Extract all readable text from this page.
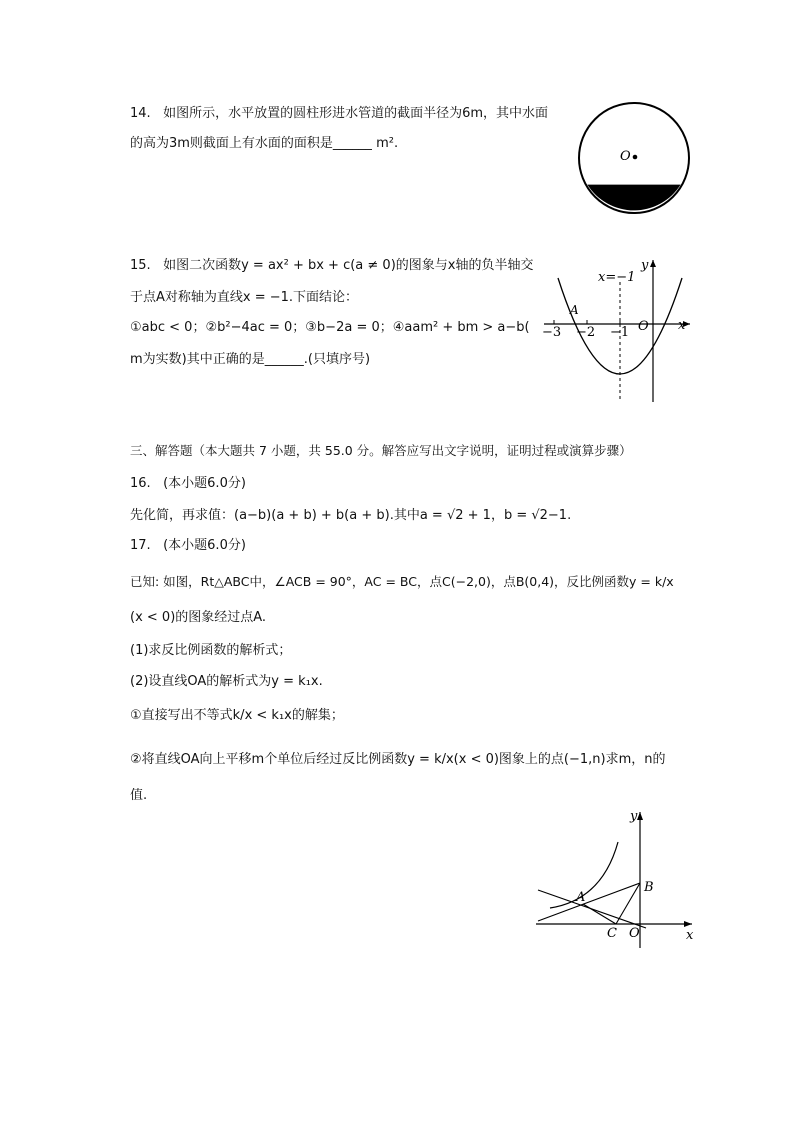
14. 如图所示，水平放置的圆柱形进水管道的截面半径为6m，其中水面
的高为3m则截面上有水面的面积是______ m².
O
15. 如图二次函数y = ax² + bx + c(a ≠ 0)的图象与x轴的负半轴交
于点A对称轴为直线x = −1.下面结论：
①abc < 0；②b²−4ac = 0；③b−2a = 0；④aam² + bm > a−b(
m为实数)其中正确的是______.(只填序号)
x=−1
y
x
A
O
−3 −2 −1
三、解答题（本大题共 7 小题，共 55.0 分。解答应写出文字说明，证明过程或演算步骤）
16. (本小题6.0分)
先化简，再求值：(a−b)(a + b) + b(a + b).其中a = √2 + 1，b = √2−1.
17. (本小题6.0分)
已知: 如图，Rt△ABC中，∠ACB = 90°，AC = BC，点C(−2,0)，点B(0,4)，反比例函数y = k/x
(x < 0)的图象经过点A.
(1)求反比例函数的解析式；
(2)设直线OA的解析式为y = k₁x.
①直接写出不等式k/x < k₁x的解集；
②将直线OA向上平移m个单位后经过反比例函数y = k/x(x < 0)图象上的点(−1,n)求m，n的
值.
y
x
A
B
C O
